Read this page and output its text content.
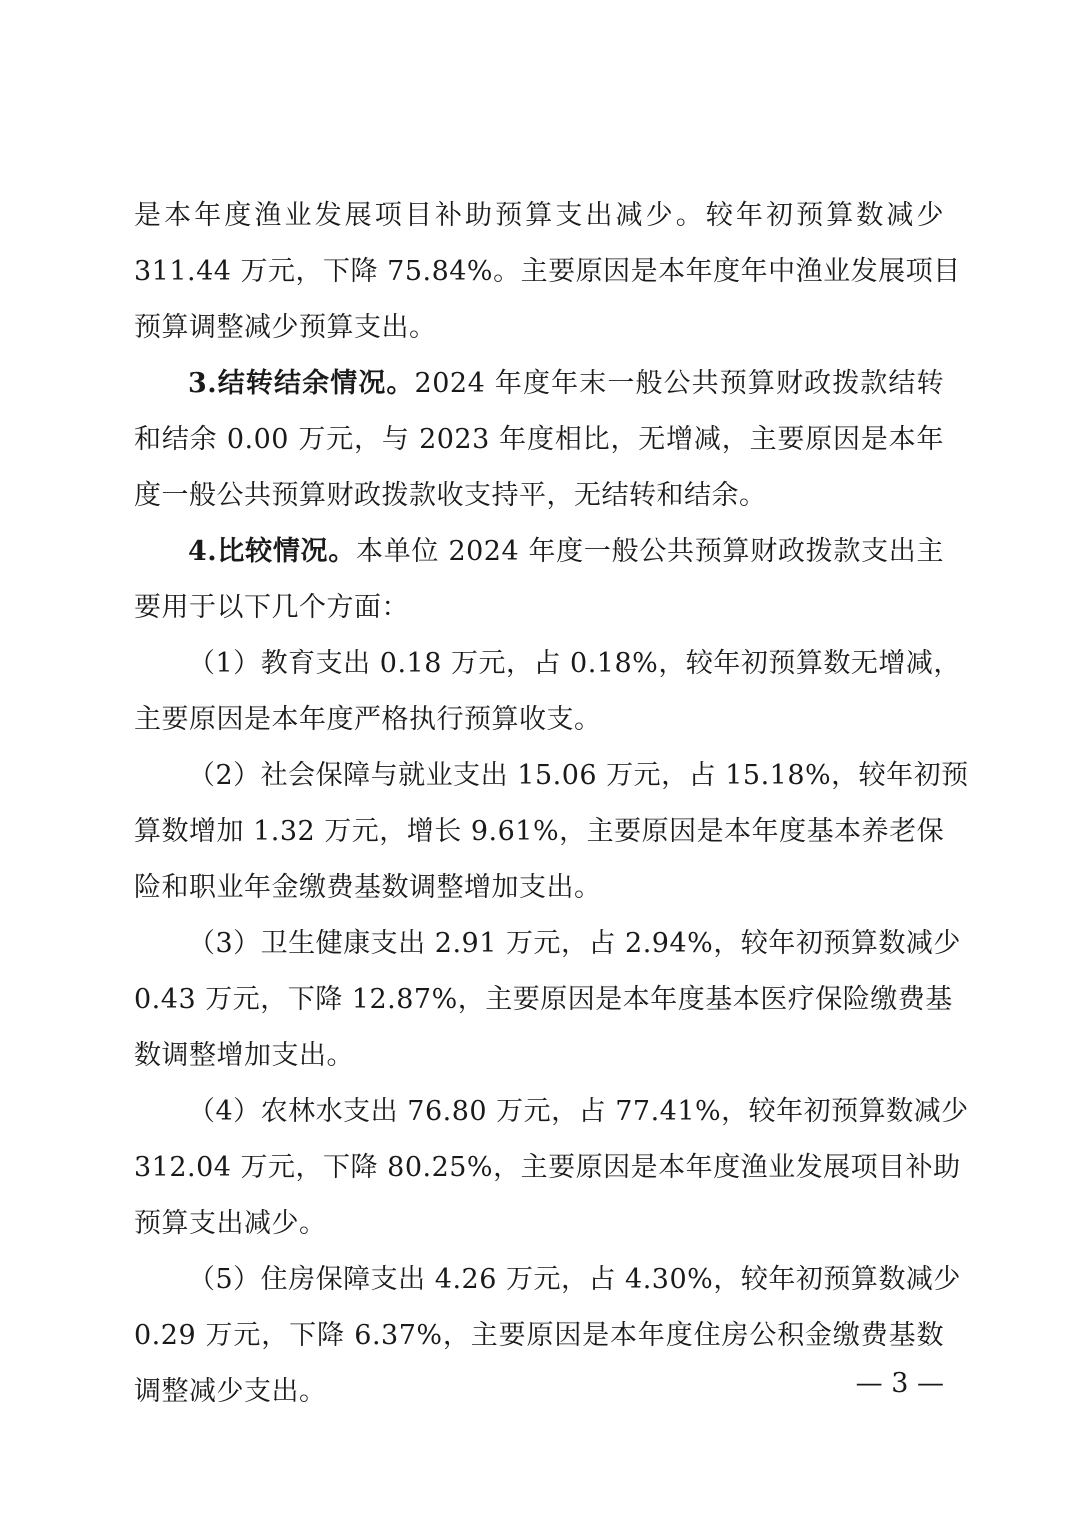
是本年度渔业发展项目补助预算支出减少。较年初预算数减少
311.44 万元，下降 75.84%。主要原因是本年度年中渔业发展项目
预算调整减少预算支出。
3.结转结余情况。2024 年度年末一般公共预算财政拨款结转
和结余 0.00 万元，与 2023 年度相比，无增减，主要原因是本年
度一般公共预算财政拨款收支持平，无结转和结余。
4.比较情况。本单位 2024 年度一般公共预算财政拨款支出主
要用于以下几个方面：
（1）教育支出 0.18 万元，占 0.18%，较年初预算数无增减，
主要原因是本年度严格执行预算收支。
（2）社会保障与就业支出 15.06 万元，占 15.18%，较年初预
算数增加 1.32 万元，增长 9.61%，主要原因是本年度基本养老保
险和职业年金缴费基数调整增加支出。
（3）卫生健康支出 2.91 万元，占 2.94%，较年初预算数减少
0.43 万元，下降 12.87%，主要原因是本年度基本医疗保险缴费基
数调整增加支出。
（4）农林水支出 76.80 万元，占 77.41%，较年初预算数减少
312.04 万元，下降 80.25%，主要原因是本年度渔业发展项目补助
预算支出减少。
（5）住房保障支出 4.26 万元，占 4.30%，较年初预算数减少
0.29 万元，下降 6.37%，主要原因是本年度住房公积金缴费基数
调整减少支出。	— 3 —
